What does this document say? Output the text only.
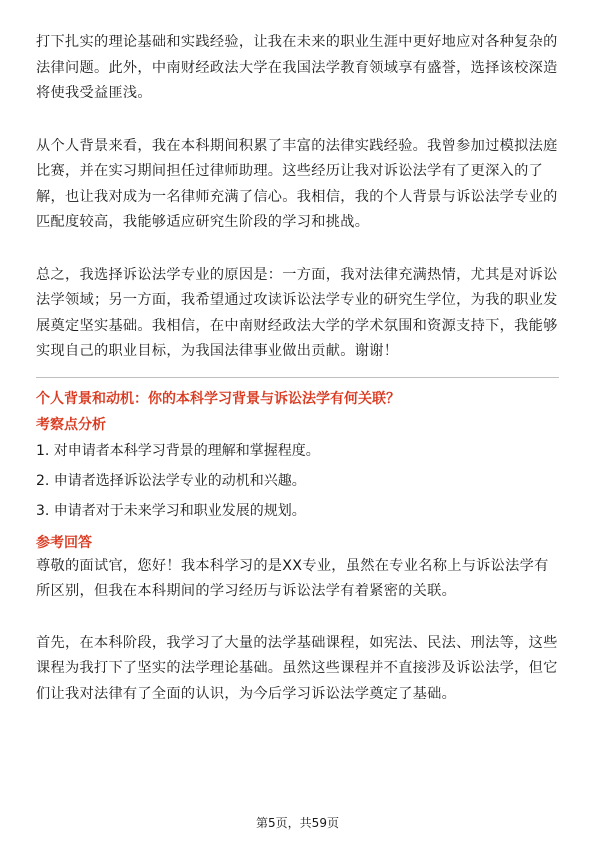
打下扎实的理论基础和实践经验，让我在未来的职业生涯中更好地应对各种复杂的法律问题。此外，中南财经政法大学在我国法学教育领域享有盛誉，选择该校深造将使我受益匪浅。

从个人背景来看，我在本科期间积累了丰富的法律实践经验。我曾参加过模拟法庭比赛，并在实习期间担任过律师助理。这些经历让我对诉讼法学有了更深入的了解，也让我对成为一名律师充满了信心。我相信，我的个人背景与诉讼法学专业的匹配度较高，我能够适应研究生阶段的学习和挑战。

总之，我选择诉讼法学专业的原因是：一方面，我对法律充满热情，尤其是对诉讼法学领域；另一方面，我希望通过攻读诉讼法学专业的研究生学位，为我的职业发展奠定坚实基础。我相信，在中南财经政法大学的学术氛围和资源支持下，我能够实现自己的职业目标，为我国法律事业做出贡献。谢谢！

个人背景和动机：你的本科学习背景与诉讼法学有何关联？

考察点分析

1. 对申请者本科学习背景的理解和掌握程度。

2. 申请者选择诉讼法学专业的动机和兴趣。

3. 申请者对于未来学习和职业发展的规划。

参考回答

尊敬的面试官，您好！我本科学习的是XX专业，虽然在专业名称上与诉讼法学有所区别，但我在本科期间的学习经历与诉讼法学有着紧密的关联。

首先，在本科阶段，我学习了大量的法学基础课程，如宪法、民法、刑法等，这些课程为我打下了坚实的法学理论基础。虽然这些课程并不直接涉及诉讼法学，但它们让我对法律有了全面的认识，为今后学习诉讼法学奠定了基础。

第5页，共59页
